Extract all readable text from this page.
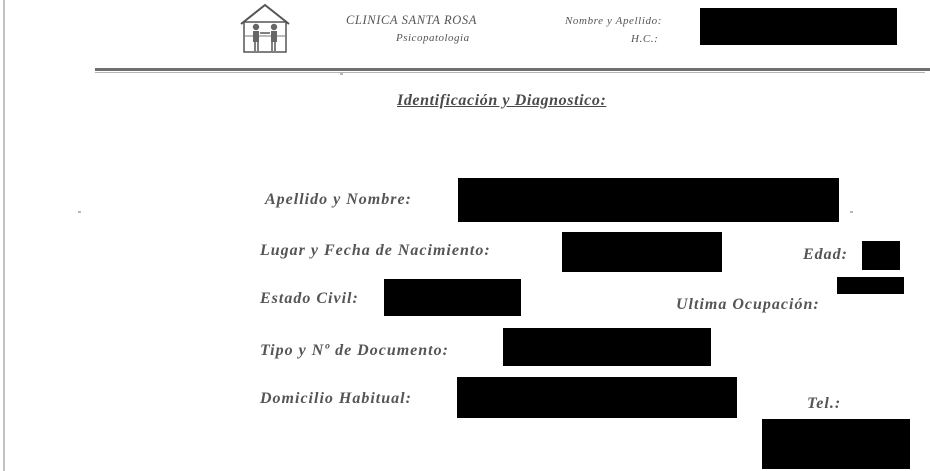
CLINICA SANTA ROSA
Psicopatologia
Nombre y Apellido:
H.C.:
Identificación y Diagnostico:
Apellido y Nombre:
Lugar y Fecha de Nacimiento:	Edad:
Estado Civil:	Ultima Ocupación:
Tipo y Nº de Documento:
Domicilio Habitual:	Tel.:
